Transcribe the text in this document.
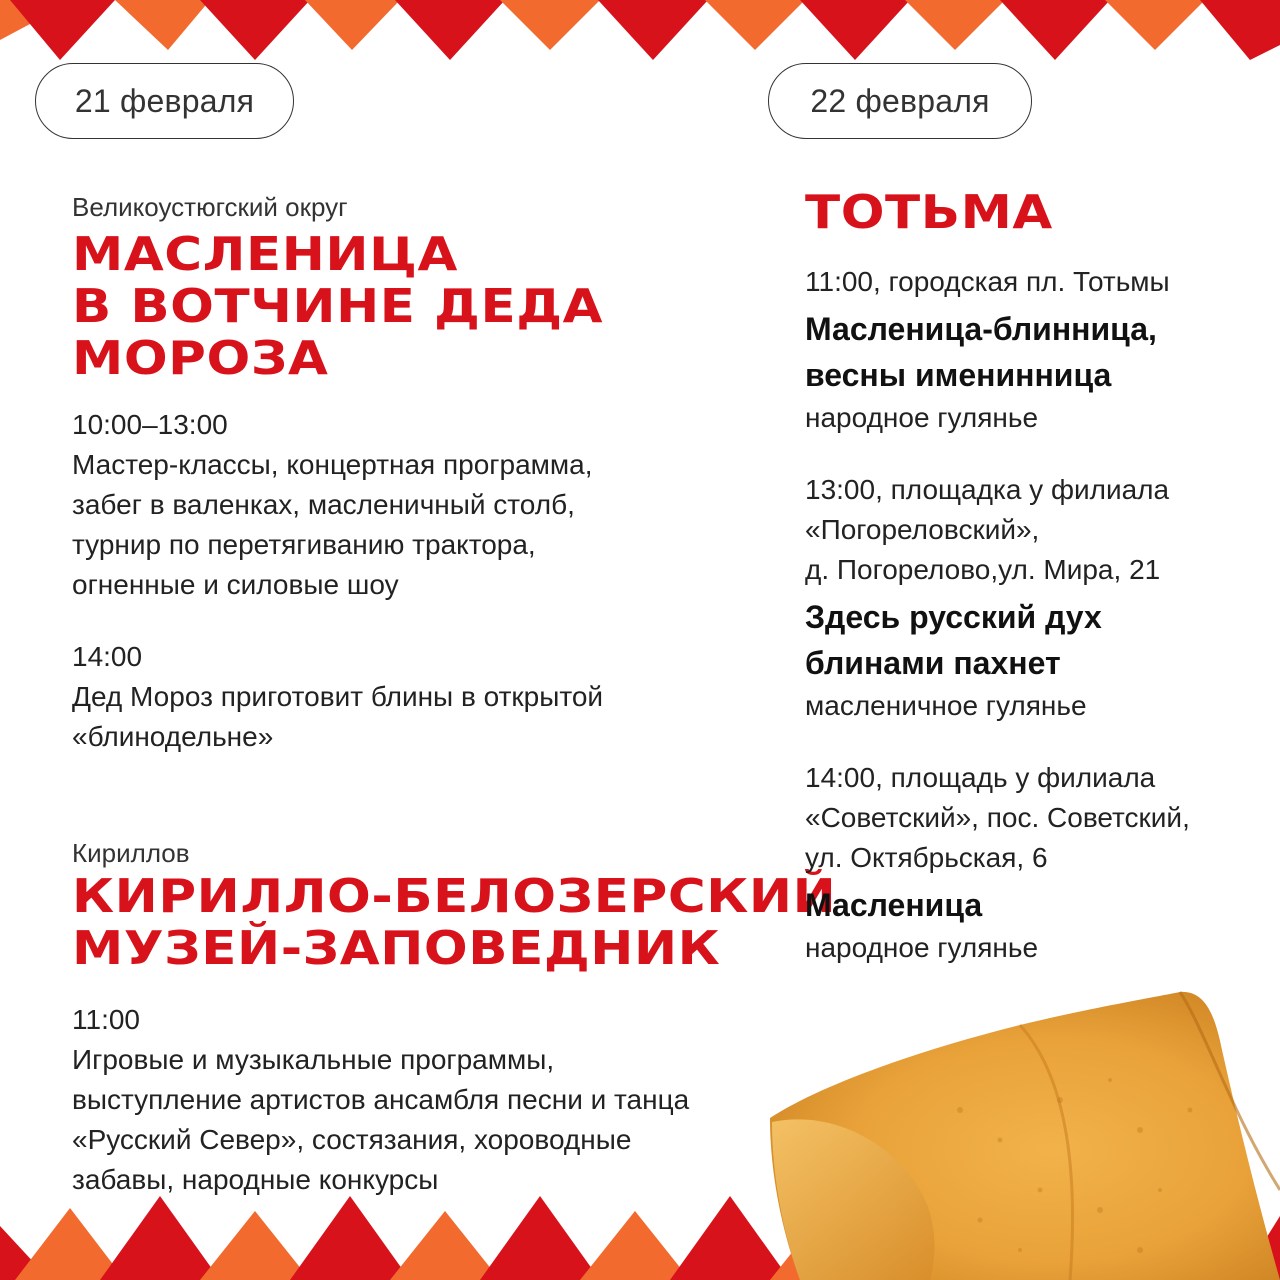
21 февраля	22 февраля
Великоустюгский округ
МАСЛЕНИЦА
В ВОТЧИНЕ ДЕДА
МОРОЗА
10:00–13:00
Мастер-классы, концертная программа,
забег в валенках, масленичный столб,
турнир по перетягиванию трактора,
огненные и силовые шоу
14:00
Дед Мороз приготовит блины в открытой
«блинодельне»
Кириллов
КИРИЛЛО-БЕЛОЗЕРСКИЙ
МУЗЕЙ-ЗАПОВЕДНИК
11:00
Игровые и музыкальные программы,
выступление артистов ансамбля песни и танца
«Русский Север», состязания, хороводные
забавы, народные конкурсы
ТОТЬМА
11:00, городская пл. Тотьмы
Масленица-блинница,
весны именинница
народное гулянье
13:00, площадка у филиала
«Погореловский»,
д. Погорелово,ул. Мира, 21
Здесь русский дух
блинами пахнет
масленичное гулянье
14:00, площадь у филиала
«Советский», пос. Советский,
ул. Октябрьская, 6
Масленица
народное гулянье
